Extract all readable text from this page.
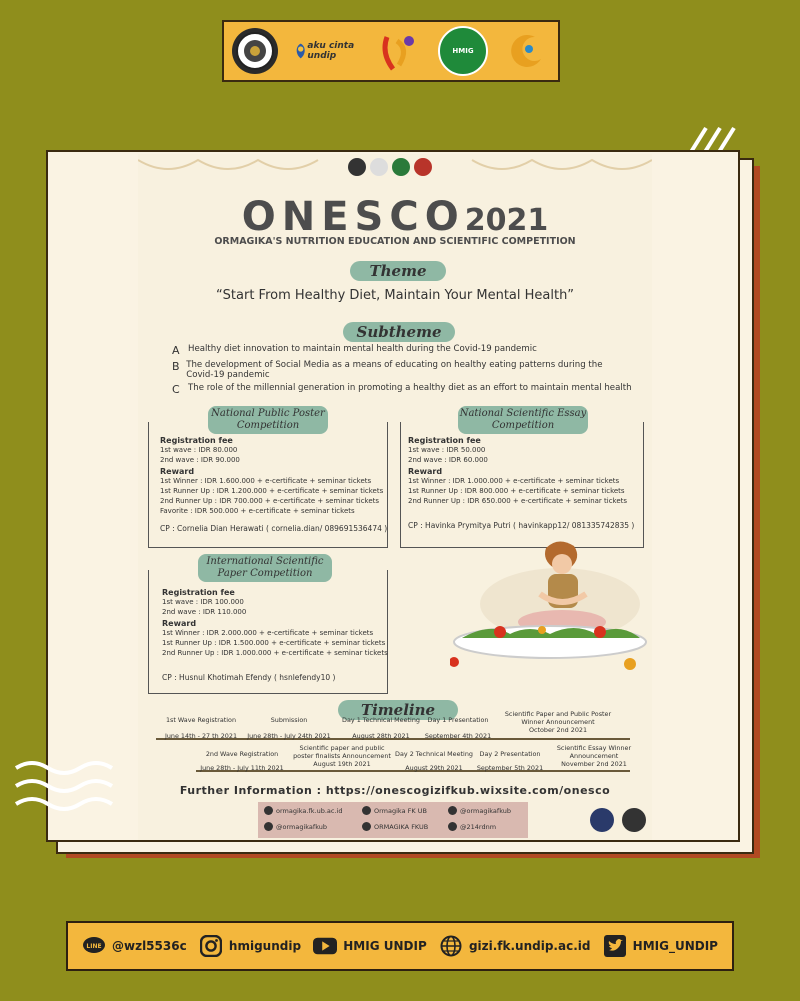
aku cinta undip	HMIG
ONESCO2021
ORMAGIKA'S NUTRITION EDUCATION AND SCIENTIFIC COMPETITION
Theme
“Start From Healthy Diet, Maintain Your Mental Health”
Subtheme
A Healthy diet innovation to maintain mental health during the Covid-19 pandemic
B The development of Social Media as a means of educating on healthy eating patterns during the Covid-19 pandemic
C The role of the millennial generation in promoting a healthy diet as an effort to maintain mental health
National Public Poster Competition
Registration fee
1st wave : IDR 80.000
2nd wave : IDR 90.000
Reward
1st Winner : IDR 1.600.000 + e-certificate + seminar tickets
1st Runner Up : IDR 1.200.000 + e-certificate + seminar tickets
2nd Runner Up : IDR 700.000 + e-certificate + seminar tickets
Favorite : IDR 500.000 + e-certificate + seminar tickets
CP : Cornelia Dian Herawati ( cornelia.dian/ 089691536474 )
National Scientific Essay Competition
Registration fee
1st wave : IDR 50.000
2nd wave : IDR 60.000
Reward
1st Winner : IDR 1.000.000 + e-certificate + seminar tickets
1st Runner Up : IDR 800.000 + e-certificate + seminar tickets
2nd Runner Up : IDR 650.000 + e-certificate + seminar tickets
CP : Havinka Prymitya Putri ( havinkapp12/ 081335742835 )
International Scientific Paper Competition
Registration fee
1st wave : IDR 100.000
2nd wave : IDR 110.000
Reward
1st Winner : IDR 2.000.000 + e-certificate + seminar tickets
1st Runner Up : IDR 1.500.000 + e-certificate + seminar tickets
2nd Runner Up : IDR 1.000.000 + e-certificate + seminar tickets
CP : Husnul Khotimah Efendy ( hsnlefendy10 )
Timeline
1st Wave Registration
June 14th - 27 th 2021
Submission
June 28th - July 24th 2021
Day 1 Technical Meeting
August 28th 2021
Day 1 Presentation
September 4th 2021
Scientific Paper and Public Poster Winner Announcement
October 2nd 2021
2nd Wave Registration
June 28th - July 11th 2021
Scientific paper and public poster finalists Announcement
August 19th 2021
Day 2 Technical Meeting
August 29th 2021
Day 2 Presentation
September 5th 2021
Scientific Essay Winner Announcement
November 2nd 2021
Further Information : https://onescogizifkub.wixsite.com/onesco
ormagika.fk.ub.ac.id
@ormagikafkub
Ormagika FK UB
ORMAGIKA FKUB
@ormagikafkub
@214rdnm
LINE @wzl5536c	hmigundip	HMIG UNDIP	gizi.fk.undip.ac.id	HMIG_UNDIP
